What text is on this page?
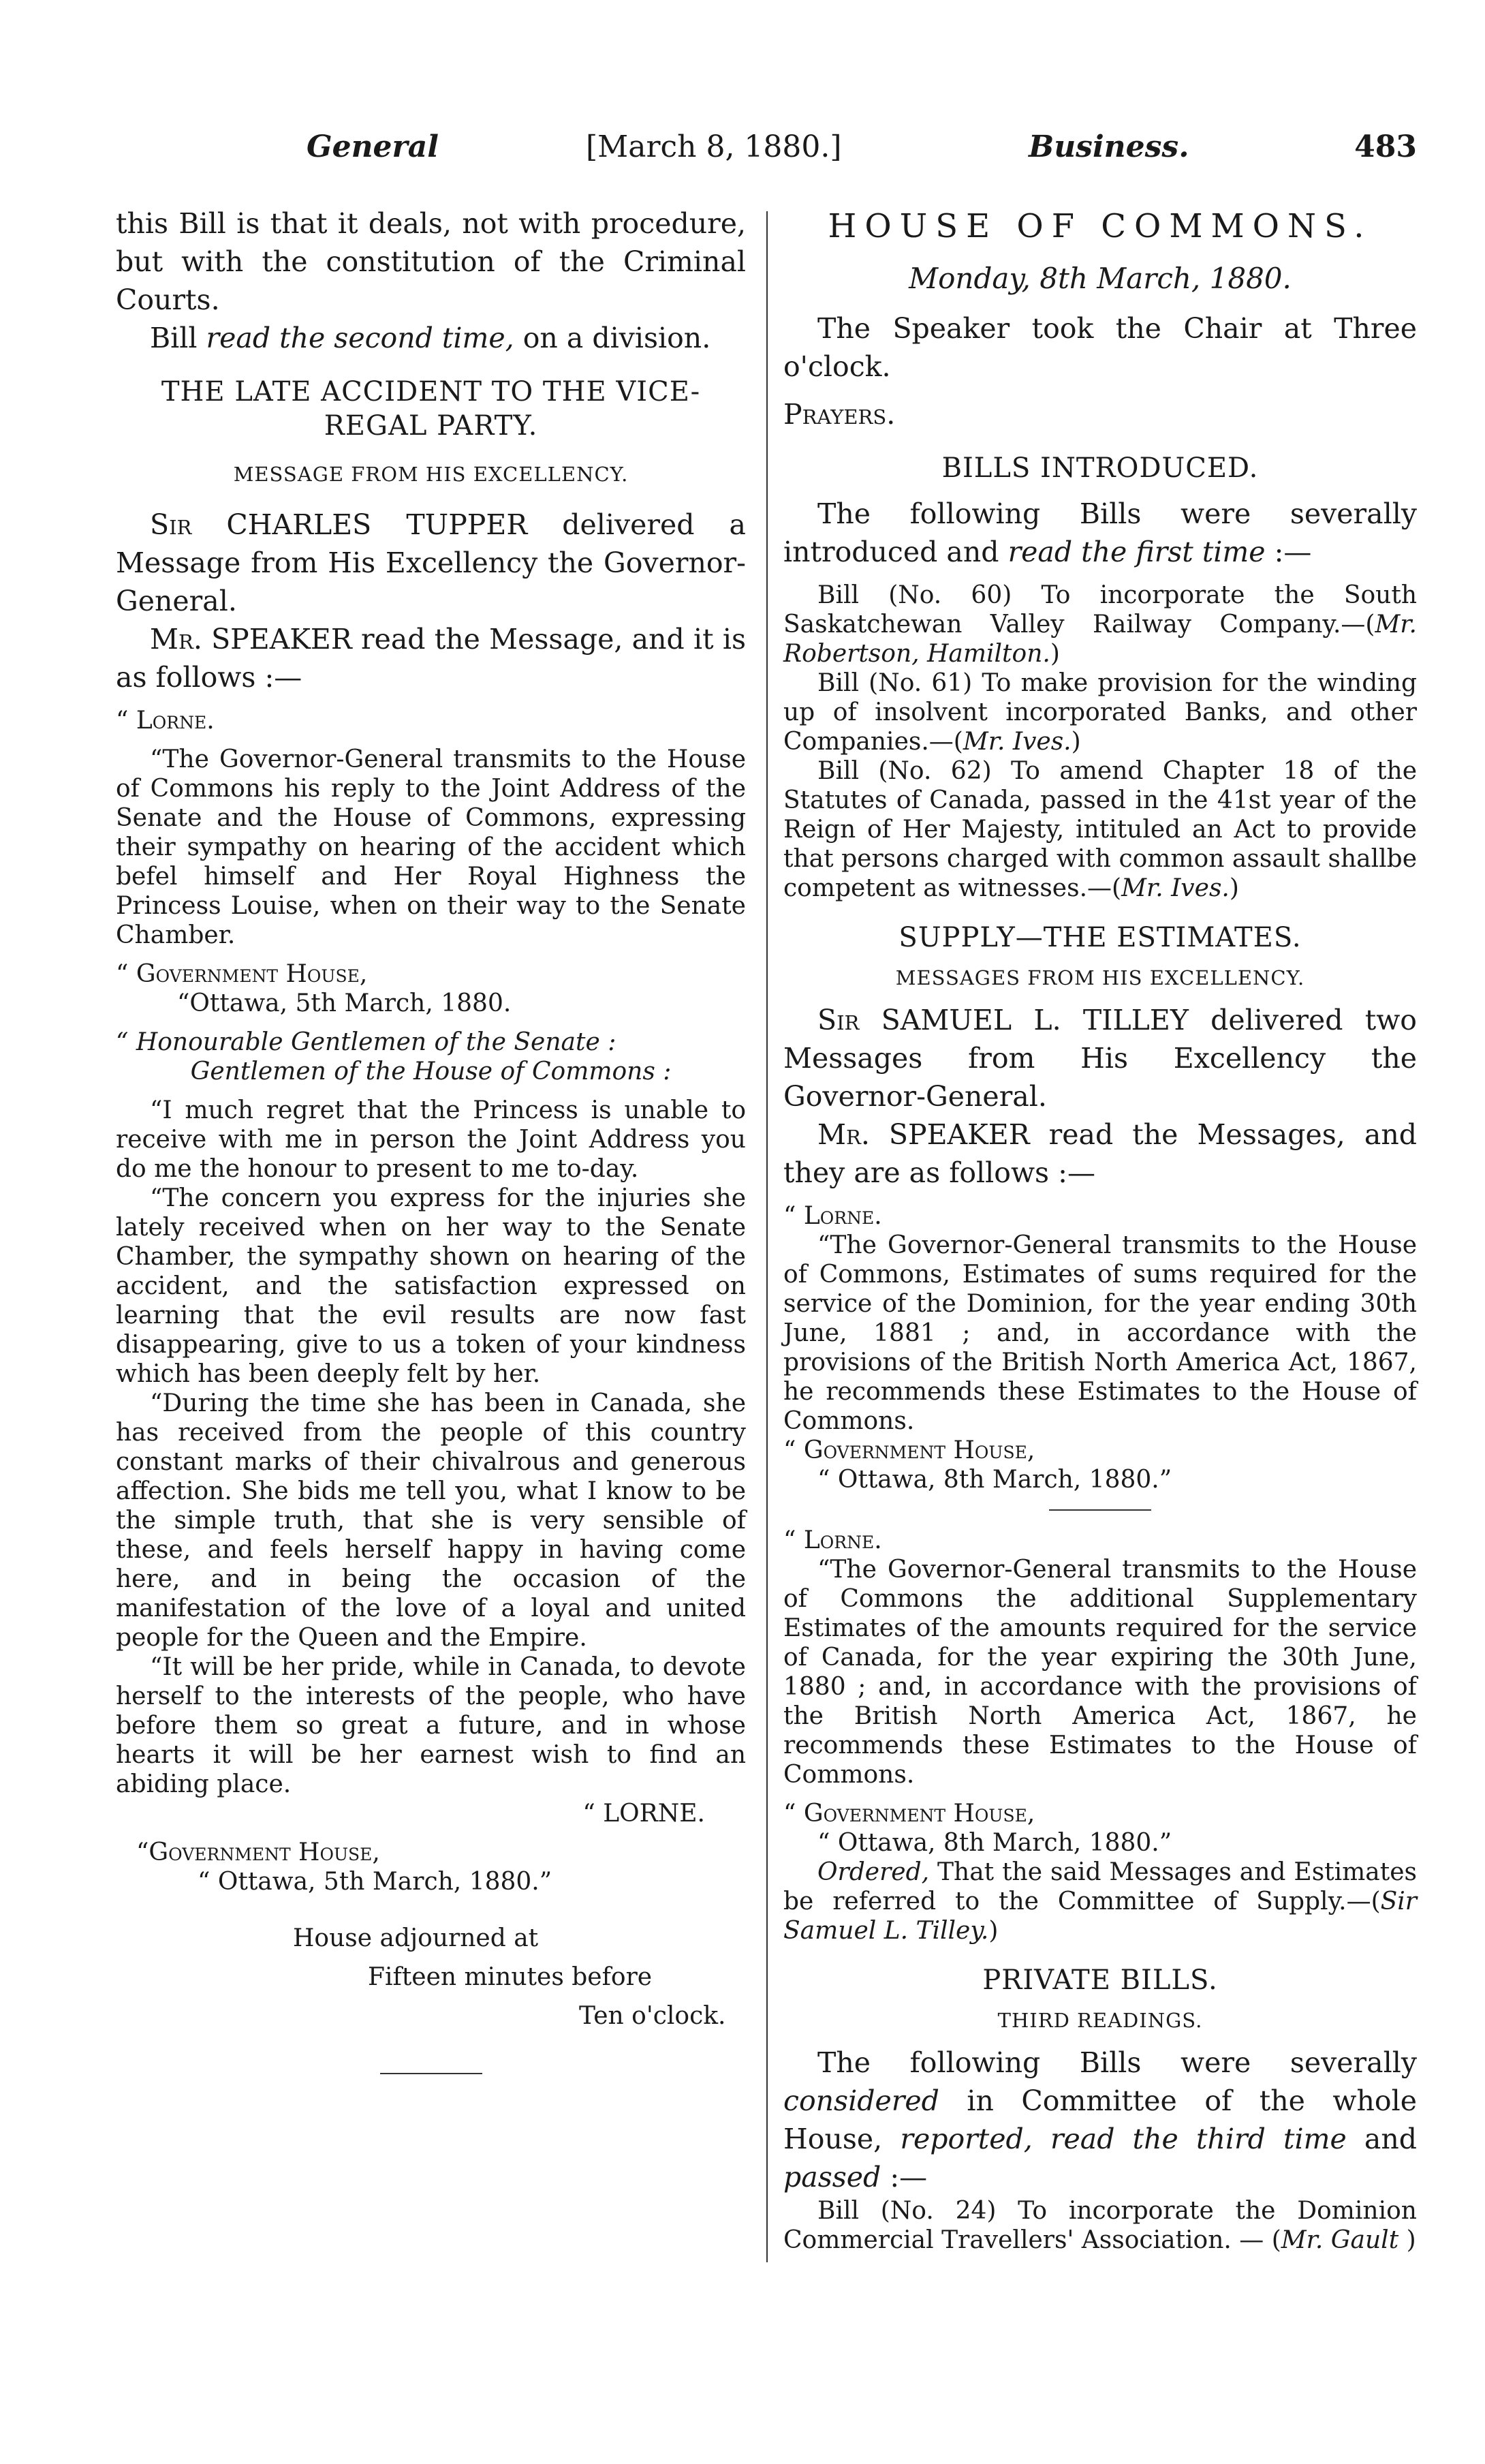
General	[March 8, 1880.]	Business.	483

this Bill is that it deals, not with procedure, but with the constitution of the Criminal Courts.

Bill read the second time, on a division.

THE LATE ACCIDENT TO THE VICE-REGAL PARTY.

MESSAGE FROM HIS EXCELLENCY.

Sir CHARLES TUPPER delivered a Message from His Excellency the Governor-General.

Mr. SPEAKER read the Message, and it is as follows :—

“ Lorne.

“The Governor-General transmits to the House of Commons his reply to the Joint Address of the Senate and the House of Commons, expressing their sympathy on hearing of the accident which befel himself and Her Royal Highness the Princess Louise, when on their way to the Senate Chamber.

“ Government House,

“Ottawa, 5th March, 1880.

“ Honourable Gentlemen of the Senate :

Gentlemen of the House of Commons :

“I much regret that the Princess is unable to receive with me in person the Joint Address you do me the honour to present to me to-day.

“The concern you express for the injuries she lately received when on her way to the Senate Chamber, the sympathy shown on hearing of the accident, and the satisfaction expressed on learning that the evil results are now fast disappearing, give to us a token of your kindness which has been deeply felt by her.

“During the time she has been in Canada, she has received from the people of this country constant marks of their chivalrous and generous affection. She bids me tell you, what I know to be the simple truth, that she is very sensible of these, and feels herself happy in having come here, and in being the occasion of the manifestation of the love of a loyal and united people for the Queen and the Empire.

“It will be her pride, while in Canada, to devote herself to the interests of the people, who have before them so great a future, and in whose hearts it will be her earnest wish to find an abiding place.

“ LORNE.

“Government House,

“ Ottawa, 5th March, 1880.”

House adjourned at

Fifteen minutes before

Ten o'clock.

HOUSE OF COMMONS.

Monday, 8th March, 1880.

The Speaker took the Chair at Three o'clock.

Prayers.

BILLS INTRODUCED.

The following Bills were severally introduced and read the first time :—

Bill (No. 60) To incorporate the South Saskatchewan Valley Railway Company.—(Mr. Robertson, Hamilton.)

Bill (No. 61) To make provision for the winding up of insolvent incorporated Banks, and other Companies.—(Mr. Ives.)

Bill (No. 62) To amend Chapter 18 of the Statutes of Canada, passed in the 41st year of the Reign of Her Majesty, intituled an Act to provide that persons charged with common assault shallbe competent as witnesses.—(Mr. Ives.)

SUPPLY—THE ESTIMATES.

MESSAGES FROM HIS EXCELLENCY.

Sir SAMUEL L. TILLEY delivered two Messages from His Excellency the Governor-General.

Mr. SPEAKER read the Messages, and they are as follows :—

“ Lorne.

“The Governor-General transmits to the House of Commons, Estimates of sums required for the service of the Dominion, for the year ending 30th June, 1881 ; and, in accordance with the provisions of the British North America Act, 1867, he recommends these Estimates to the House of Commons.

“ Government House,

“ Ottawa, 8th March, 1880.”

“ Lorne.

“The Governor-General transmits to the House of Commons the additional Supplementary Estimates of the amounts required for the service of Canada, for the year expiring the 30th June, 1880 ; and, in accordance with the provisions of the British North America Act, 1867, he recommends these Estimates to the House of Commons.

“ Government House,

“ Ottawa, 8th March, 1880.”

Ordered, That the said Messages and Estimates be referred to the Committee of Supply.—(Sir Samuel L. Tilley.)

PRIVATE BILLS.

THIRD READINGS.

The following Bills were severally considered in Committee of the whole House, reported, read the third time and passed :—

Bill (No. 24) To incorporate the Dominion Commercial Travellers' Association. — (Mr. Gault )
